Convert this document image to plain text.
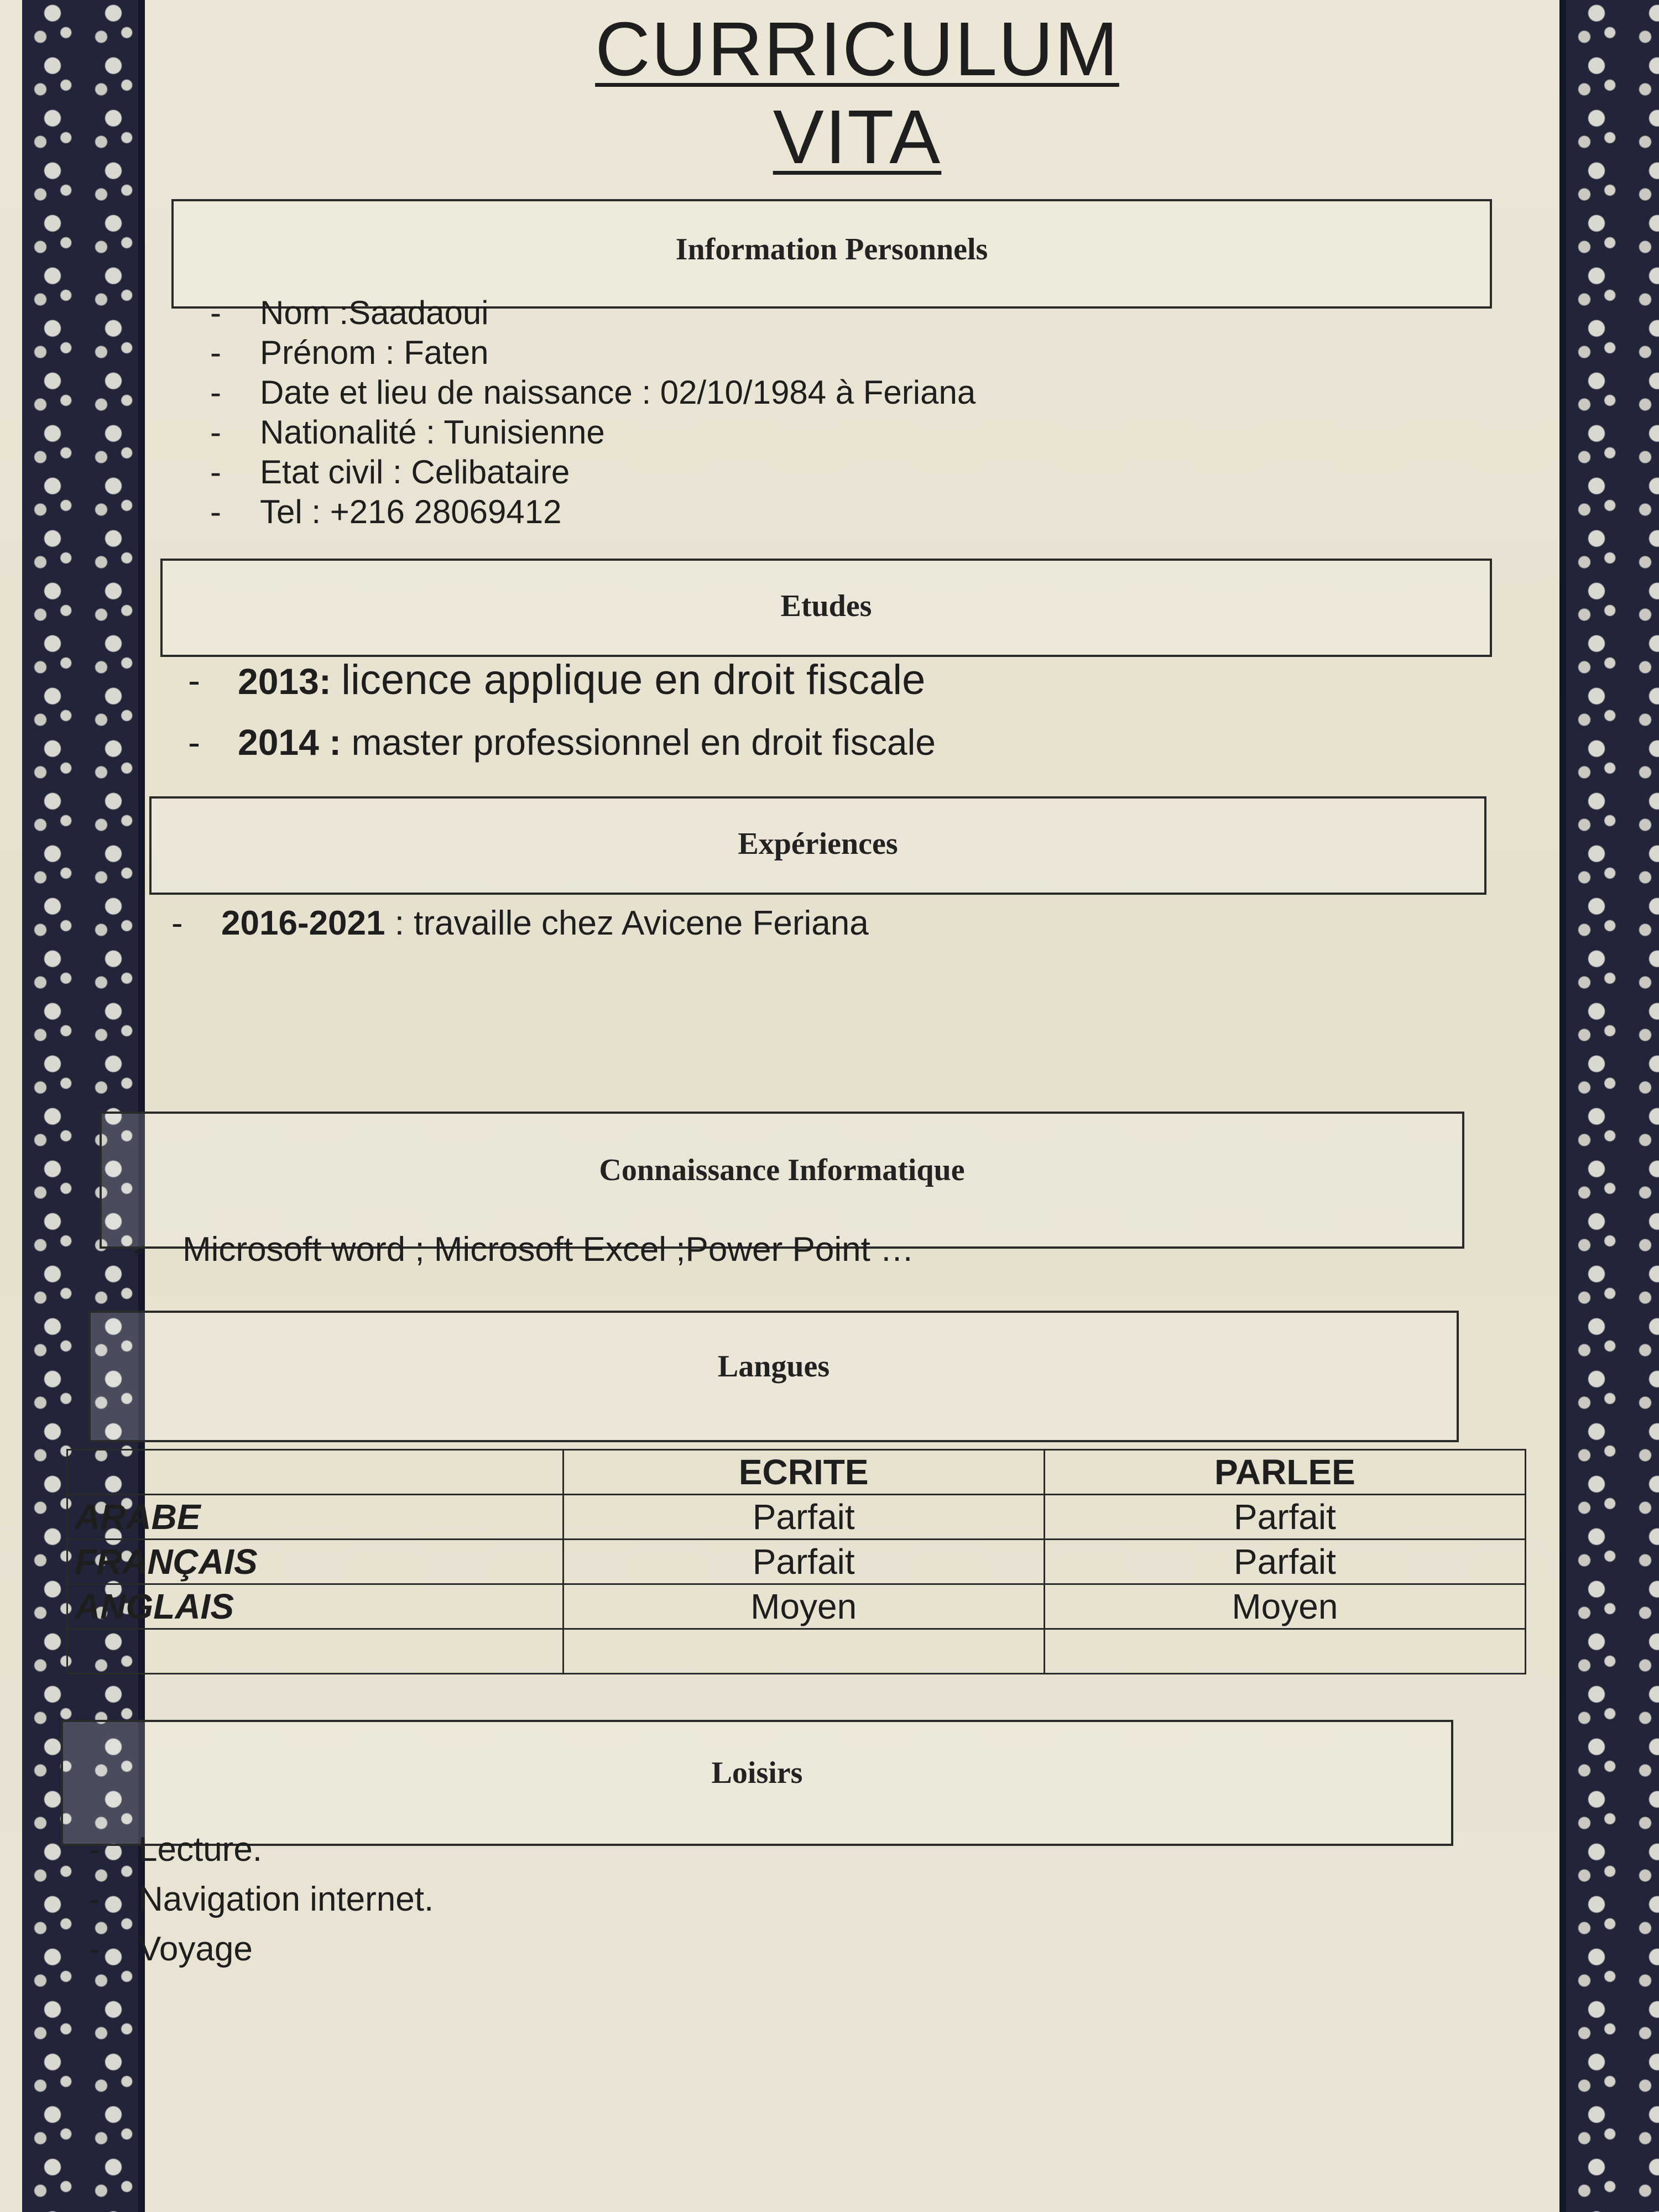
CURRICULUM VITA
Information Personnels
- Nom :Saadaoui
- Prénom : Faten
- Date et lieu de naissance : 02/10/1984 à Feriana
- Nationalité : Tunisienne
- Etat civil : Celibataire
- Tel : +216 28069412
Etudes
- 2013: licence applique en droit fiscale
- 2014 : master professionnel en droit fiscale
Expériences
- 2016-2021 : travaille chez Avicene Feriana
Connaissance Informatique
- Microsoft word ; Microsoft Excel ;Power Point …
Langues
	ECRITE	PARLEE
ARABE	Parfait	Parfait
FRANÇAIS	Parfait	Parfait
ANGLAIS	Moyen	Moyen

Loisirs
- Lecture.
- Navigation internet.
- Voyage
